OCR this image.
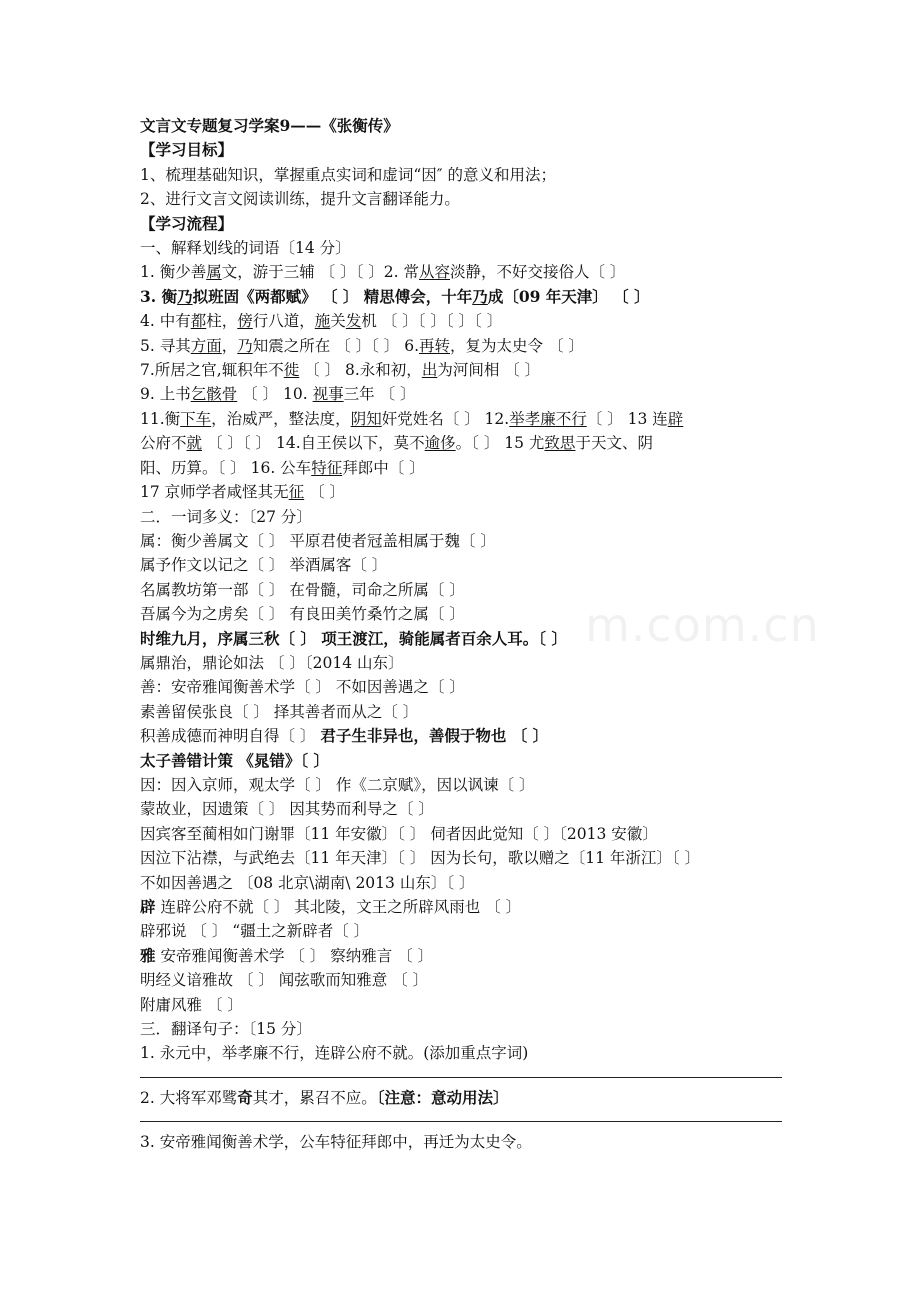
m.com.cn
文言文专题复习学案9——《张衡传》
【学习目标】
1、梳理基础知识，掌握重点实词和虚词“因″ 的意义和用法；
2、进行文言文阅读训练，提升文言翻译能力。
【学习流程】
一、解释划线的词语〔14 分〕
1. 衡少善属文，游于三辅 〔 〕〔 〕2. 常从容淡静，不好交接俗人〔 〕
3. 衡乃拟班固《两都赋》 〔 〕 精思傅会，十年乃成〔09 年天津〕 〔 〕
4. 中有都柱，傍行八道，施关发机 〔 〕〔 〕〔 〕〔 〕
5. 寻其方面，乃知震之所在 〔 〕〔 〕 6.再转，复为太史令 〔 〕
7.所居之官,辄积年不徙 〔 〕 8.永和初，出为河间相 〔 〕
9. 上书乞骸骨 〔 〕 10. 视事三年 〔 〕
11.衡下车，治威严，整法度，阴知奸党姓名〔 〕 12.举孝廉不行〔 〕 13 连辟
公府不就 〔 〕〔 〕 14.自王侯以下，莫不逾侈。〔 〕 15 尤致思于天文、阴
阳、历算。〔 〕 16. 公车特征拜郎中〔 〕
17 京师学者咸怪其无征 〔 〕
二．一词多义：〔27 分〕
属：衡少善属文〔 〕 平原君使者冠盖相属于魏〔 〕
属予作文以记之〔 〕 举酒属客〔 〕
名属教坊第一部〔 〕 在骨髓，司命之所属〔 〕
吾属今为之虏矣〔 〕 有良田美竹桑竹之属〔 〕
时维九月，序属三秋〔 〕 项王渡江，骑能属者百余人耳。〔 〕
属鼎治，鼎论如法 〔 〕〔2014 山东〕
善：安帝雅闻衡善术学〔 〕 不如因善遇之〔 〕
素善留侯张良〔 〕 择其善者而从之〔 〕
积善成德而神明自得〔 〕 君子生非异也，善假于物也 〔 〕
太子善错计策 《晁错》〔 〕
因：因入京师，观太学〔 〕 作《二京赋》，因以讽谏〔 〕
蒙故业，因遗策〔 〕 因其势而利导之〔 〕
因宾客至蔺相如门谢罪〔11 年安徽〕〔 〕 伺者因此觉知〔 〕〔2013 安徽〕
因泣下沾襟，与武绝去〔11 年天津〕〔 〕 因为长句，歌以赠之〔11 年浙江〕〔 〕
不如因善遇之 〔08 北京\湖南\ 2013 山东〕〔 〕
辟 连辟公府不就〔 〕 其北陵，文王之所辟风雨也 〔 〕
辟邪说 〔 〕 “疆土之新辟者〔 〕
雅 安帝雅闻衡善术学 〔 〕 察纳雅言 〔 〕
明经义谙雅故 〔 〕 闻弦歌而知雅意 〔 〕
附庸风雅 〔 〕
三．翻译句子：〔15 分〕
1. 永元中，举孝廉不行，连辟公府不就。(添加重点字词)
2. 大将军邓骘奇其才，累召不应。〔注意：意动用法〕
3. 安帝雅闻衡善术学，公车特征拜郎中，再迁为太史令。
